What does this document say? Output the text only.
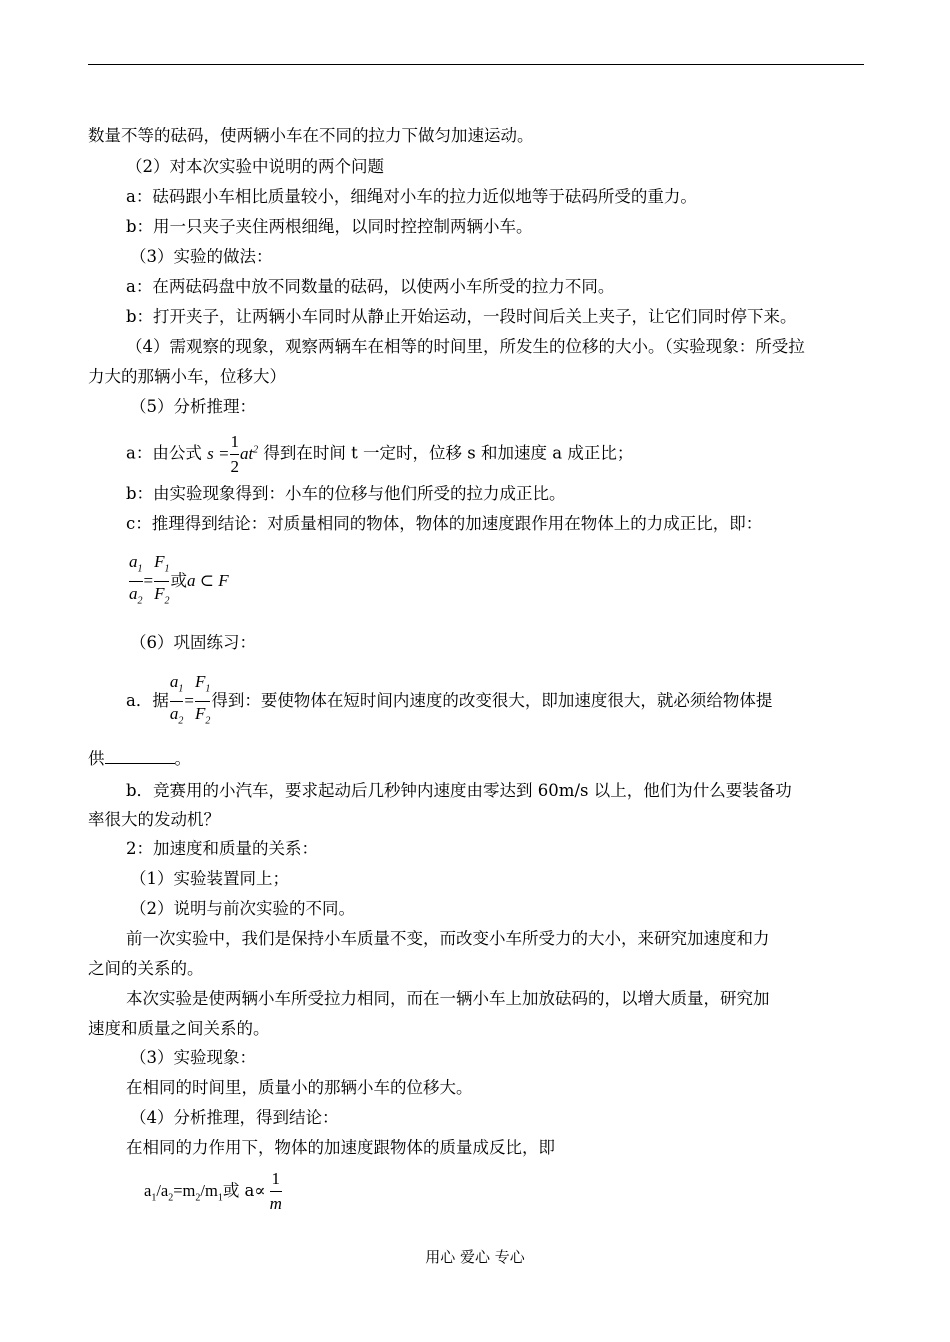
数量不等的砝码，使两辆小车在不同的拉力下做匀加速运动。
（2）对本次实验中说明的两个问题
a：砝码跟小车相比质量较小，细绳对小车的拉力近似地等于砝码所受的重力。
b：用一只夹子夹住两根细绳，以同时控控制两辆小车。
（3）实验的做法：
a：在两砝码盘中放不同数量的砝码，以使两小车所受的拉力不同。
b：打开夹子，让两辆小车同时从静止开始运动，一段时间后关上夹子，让它们同时停下来。
（4）需观察的现象，观察两辆车在相等的时间里，所发生的位移的大小。（实验现象：所受拉
力大的那辆小车，位移大）
（5）分析推理：
a：由公式 $s = \frac{1}{2} at^2$ 得到在时间 t 一定时，位移 s 和加速度 a 成正比；
b：由实验现象得到：小车的位移与他们所受的拉力成正比。
c：推理得到结论：对质量相同的物体，物体的加速度跟作用在物体上的力成正比，即：
$\frac{a_1}{a_2} = \frac{F_1}{F_2}$ 或a ⊂ F
（6）巩固练习：
a．据 $\frac{a_1}{a_2} = \frac{F_1}{F_2}$ 得到：要使物体在短时间内速度的改变很大，即加速度很大，就必须给物体提
供	。
b．竞赛用的小汽车，要求起动后几秒钟内速度由零达到 60m/s 以上，他们为什么要装备功
率很大的发动机？
2：加速度和质量的关系：
（1）实验装置同上；
（2）说明与前次实验的不同。
前一次实验中，我们是保持小车质量不变，而改变小车所受力的大小，来研究加速度和力
之间的关系的。
本次实验是使两辆小车所受拉力相同，而在一辆小车上加放砝码的，以增大质量，研究加
速度和质量之间关系的。
（3）实验现象：
在相同的时间里，质量小的那辆小车的位移大。
（4）分析推理，得到结论：
在相同的力作用下，物体的加速度跟物体的质量成反比，即
$a_1/a_2=m_2/m_1$或 $a\propto \frac{1}{m}$
用心 爱心 专心
